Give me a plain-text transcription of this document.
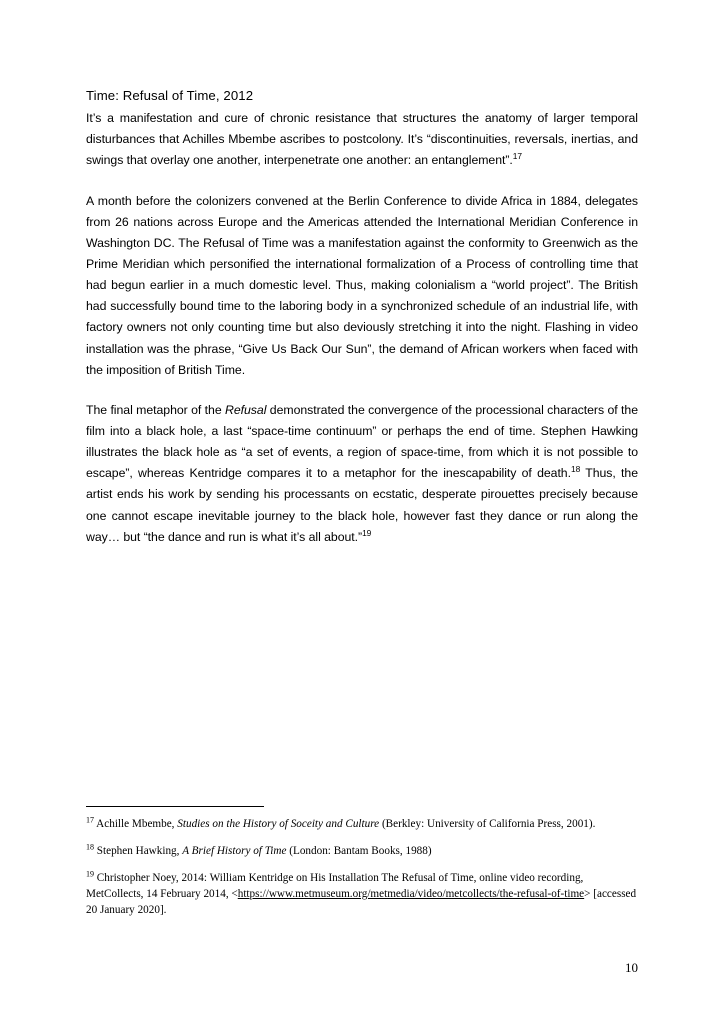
Time: Refusal of Time, 2012

It’s a manifestation and cure of chronic resistance that structures the anatomy of larger temporal disturbances that Achilles Mbembe ascribes to postcolony. It’s “discontinuities, reversals, inertias, and swings that overlay one another, interpenetrate one another: an entanglement”.$^{17}$

A month before the colonizers convened at the Berlin Conference to divide Africa in 1884, delegates from 26 nations across Europe and the Americas attended the International Meridian Conference in Washington DC. The Refusal of Time was a manifestation against the conformity to Greenwich as the Prime Meridian which personified the international formalization of a Process of controlling time that had begun earlier in a much domestic level. Thus, making colonialism a “world project”. The British had successfully bound time to the laboring body in a synchronized schedule of an industrial life, with factory owners not only counting time but also deviously stretching it into the night. Flashing in video installation was the phrase, “Give Us Back Our Sun”, the demand of African workers when faced with the imposition of British Time.

The final metaphor of the Refusal demonstrated the convergence of the processional characters of the film into a black hole, a last “space-time continuum” or perhaps the end of time. Stephen Hawking illustrates the black hole as “a set of events, a region of space-time, from which it is not possible to escape”, whereas Kentridge compares it to a metaphor for the inescapability of death.$^{18}$ Thus, the artist ends his work by sending his processants on ecstatic, desperate pirouettes precisely because one cannot escape inevitable journey to the black hole, however fast they dance or run along the way… but “the dance and run is what it’s all about.”$^{19}$

$^{17}$ Achille Mbembe, Studies on the History of Soceity and Culture (Berkley: University of California Press, 2001).

$^{18}$ Stephen Hawking, A Brief History of Time (London: Bantam Books, 1988)

$^{19}$ Christopher Noey, 2014: William Kentridge on His Installation The Refusal of Time, online video recording, MetCollects, 14 February 2014, <https://www.metmuseum.org/metmedia/video/metcollects/the-refusal-of-time> [accessed 20 January 2020].

10
